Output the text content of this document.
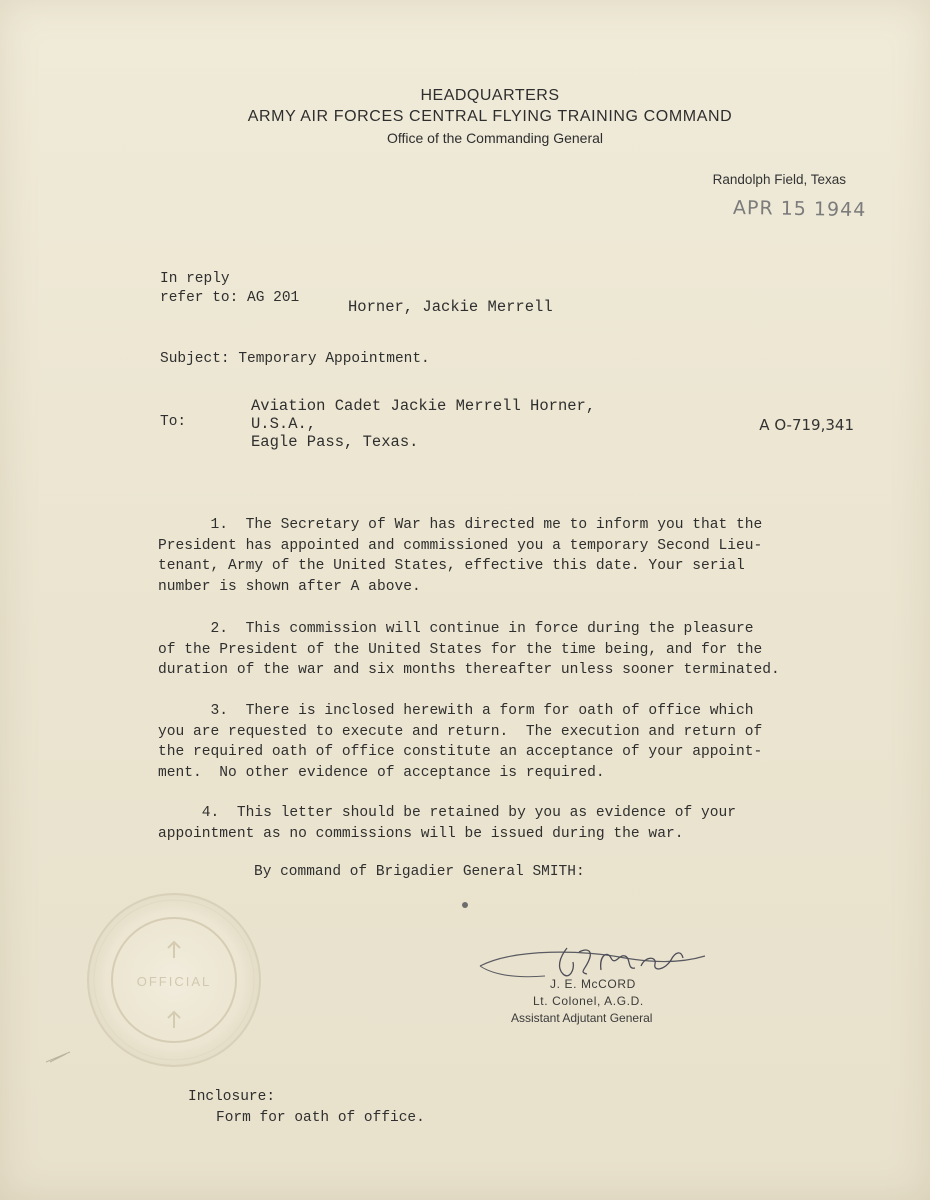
HEADQUARTERS
ARMY AIR FORCES CENTRAL FLYING TRAINING COMMAND
Office of the Commanding General
Randolph Field, Texas
APR 15 1944
In reply
refer to: AG 201	Horner, Jackie Merrell
Subject: Temporary Appointment.
To:
Aviation Cadet Jackie Merrell Horner,
U.S.A.,
Eagle Pass, Texas.
A O-719,341
1.  The Secretary of War has directed me to inform you that the
President has appointed and commissioned you a temporary Second Lieu-
tenant, Army of the United States, effective this date. Your serial
number is shown after A above.
2.  This commission will continue in force during the pleasure
of the President of the United States for the time being, and for the
duration of the war and six months thereafter unless sooner terminated.
3.  There is inclosed herewith a form for oath of office which
you are requested to execute and return.  The execution and return of
the required oath of office constitute an acceptance of your appoint-
ment.  No other evidence of acceptance is required.
4.  This letter should be retained by you as evidence of your
appointment as no commissions will be issued during the war.
By command of Brigadier General SMITH:
OFFICIAL	J. E. McCORD
Lt. Colonel, A.G.D.
Assistant Adjutant General
Inclosure:
Form for oath of office.
